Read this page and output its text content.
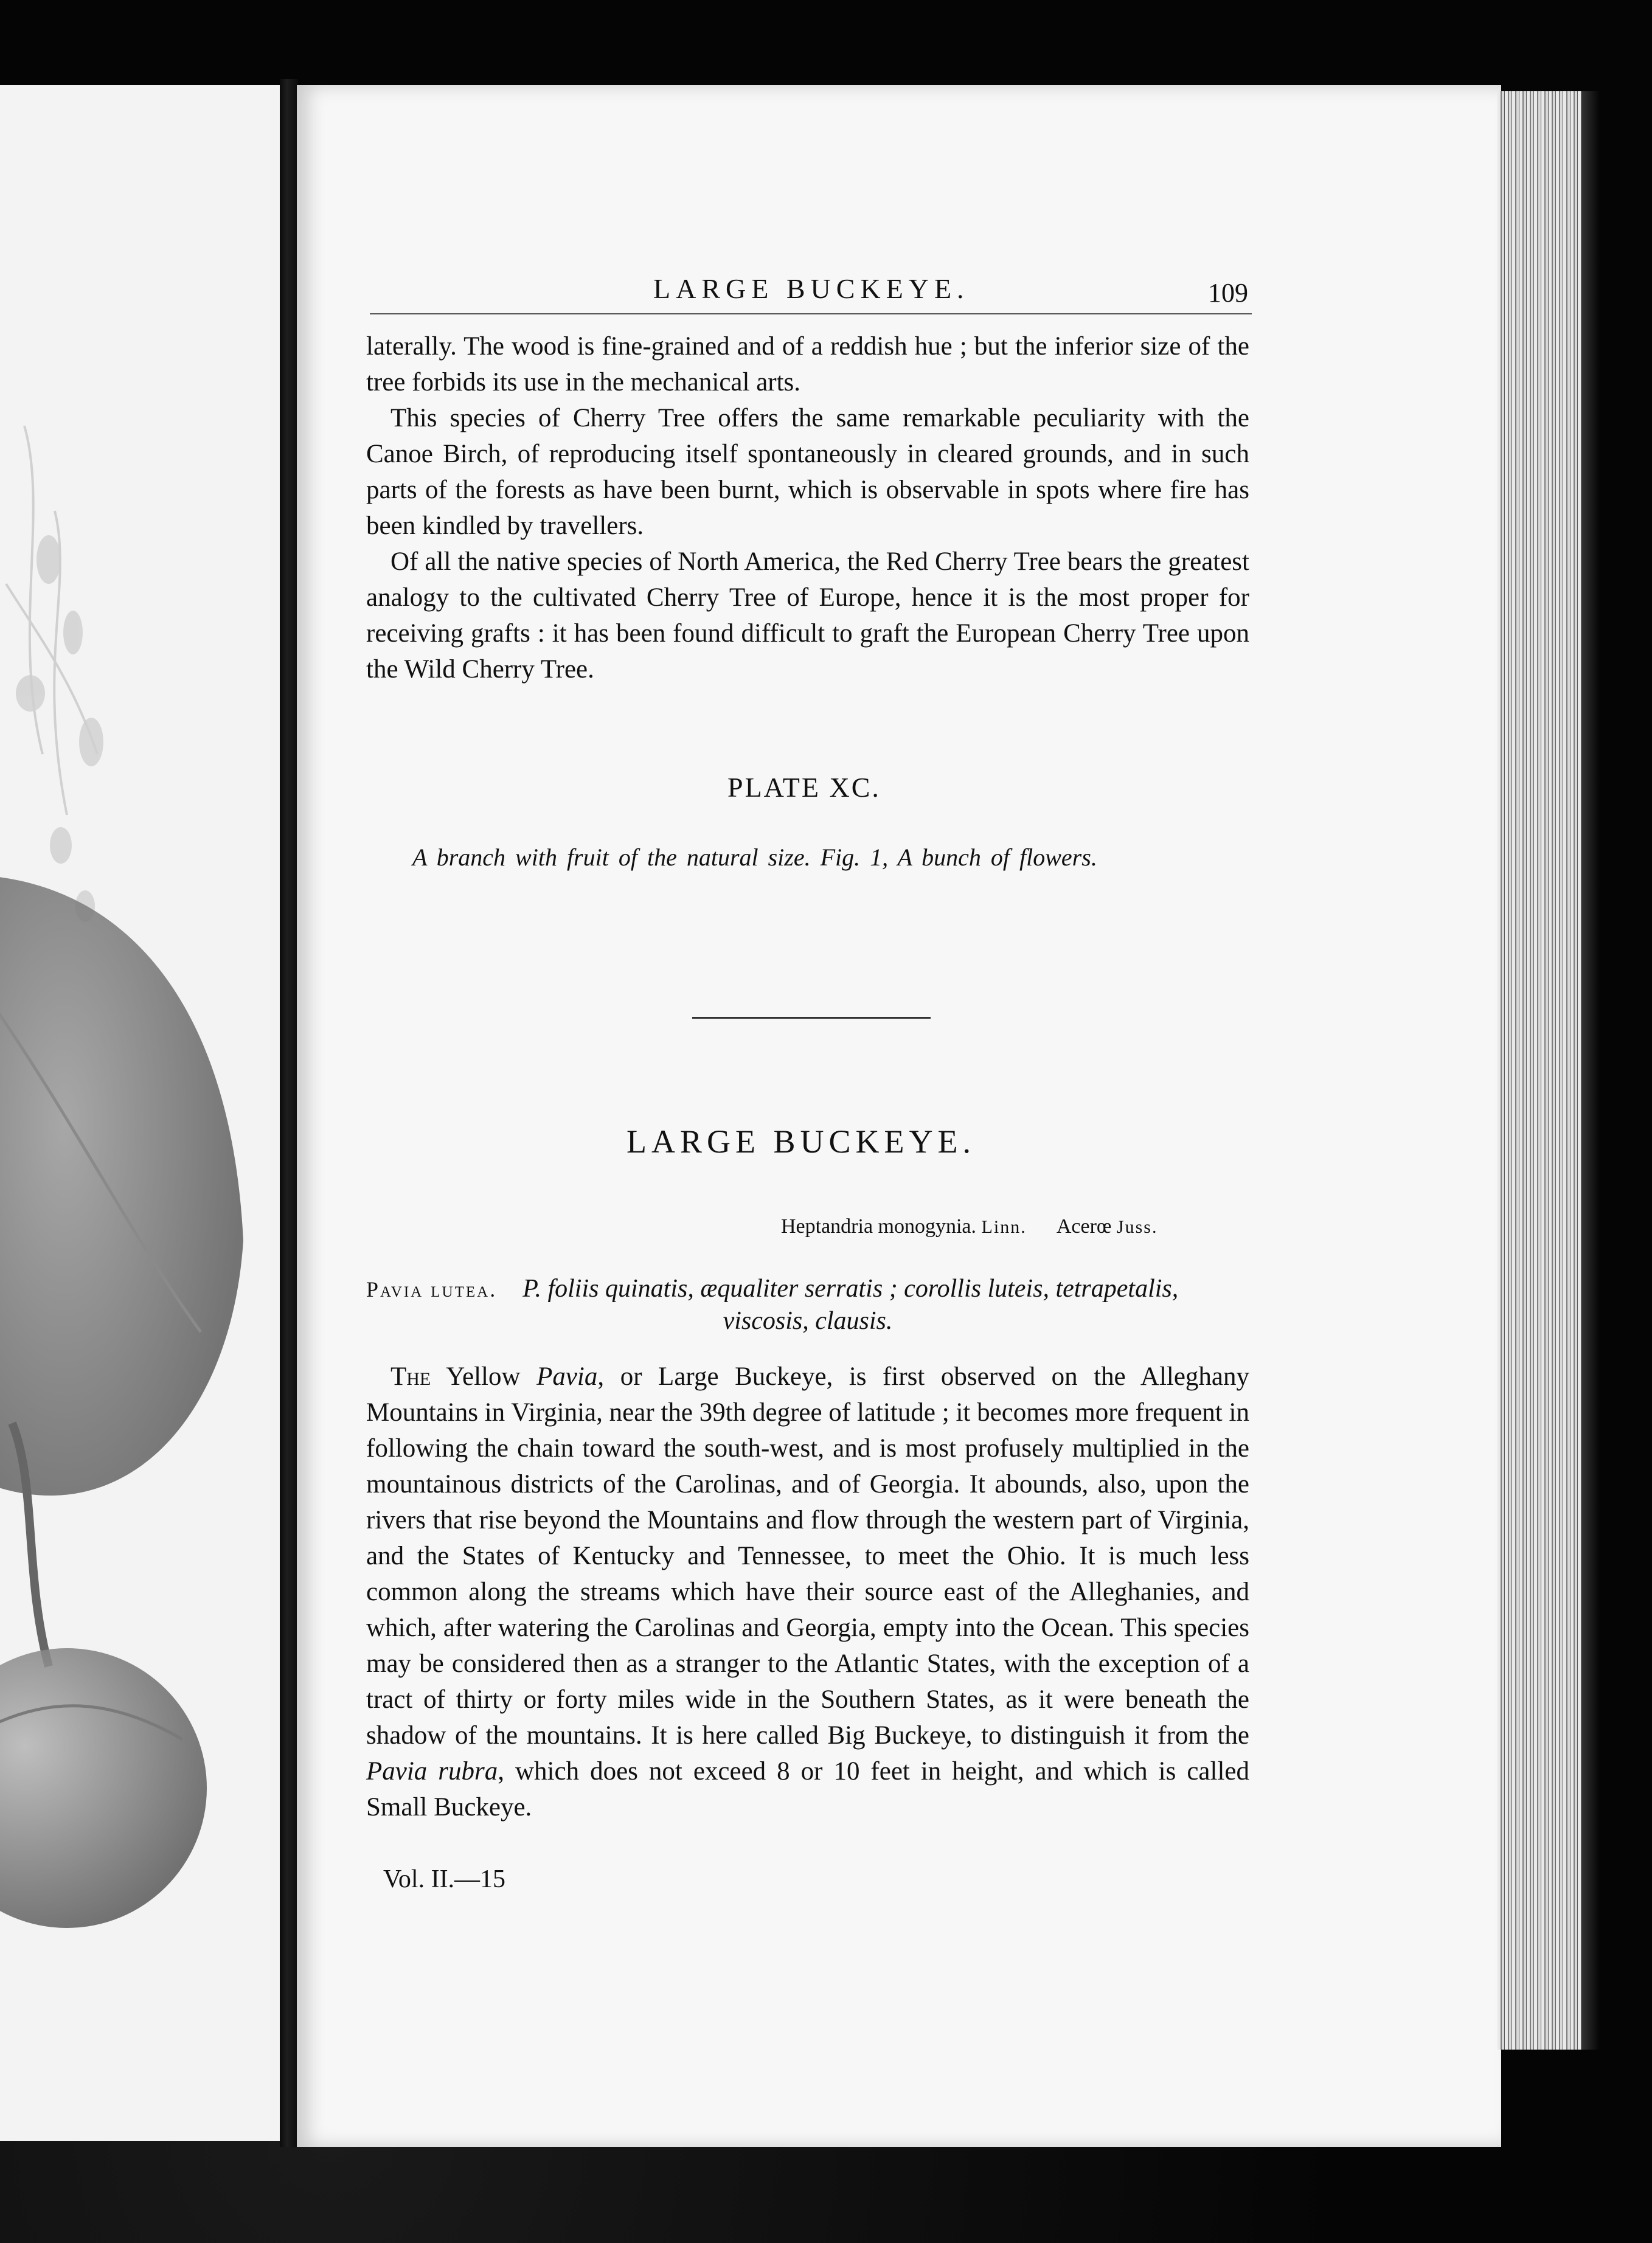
LARGE BUCKEYE.	109

laterally. The wood is fine-grained and of a reddish hue ; but the inferior size of the tree forbids its use in the mechanical arts.

This species of Cherry Tree offers the same remarkable peculiarity with the Canoe Birch, of reproducing itself spontaneously in cleared grounds, and in such parts of the forests as have been burnt, which is observable in spots where fire has been kindled by travellers.

Of all the native species of North America, the Red Cherry Tree bears the greatest analogy to the cultivated Cherry Tree of Europe, hence it is the most proper for receiving grafts : it has been found difficult to graft the European Cherry Tree upon the Wild Cherry Tree.

PLATE XC.
A branch with fruit of the natural size. Fig. 1, A bunch of flowers.
LARGE BUCKEYE.
Heptandria monogynia. Linn. Acerœ Juss.
Pavia lutea. P. foliis quinatis, æqualiter serratis ; corollis luteis, tetrapetalis,
viscosis, clausis.

The Yellow Pavia, or Large Buckeye, is first observed on the Alleghany Mountains in Virginia, near the 39th degree of latitude ; it becomes more frequent in following the chain toward the south-west, and is most profusely multiplied in the mountainous districts of the Carolinas, and of Georgia. It abounds, also, upon the rivers that rise beyond the Mountains and flow through the western part of Virginia, and the States of Kentucky and Tennessee, to meet the Ohio. It is much less common along the streams which have their source east of the Alleghanies, and which, after watering the Carolinas and Georgia, empty into the Ocean. This species may be considered then as a stranger to the Atlantic States, with the exception of a tract of thirty or forty miles wide in the Southern States, as it were beneath the shadow of the mountains. It is here called Big Buckeye, to distinguish it from the Pavia rubra, which does not exceed 8 or 10 feet in height, and which is called Small Buckeye.

Vol. II.—15
